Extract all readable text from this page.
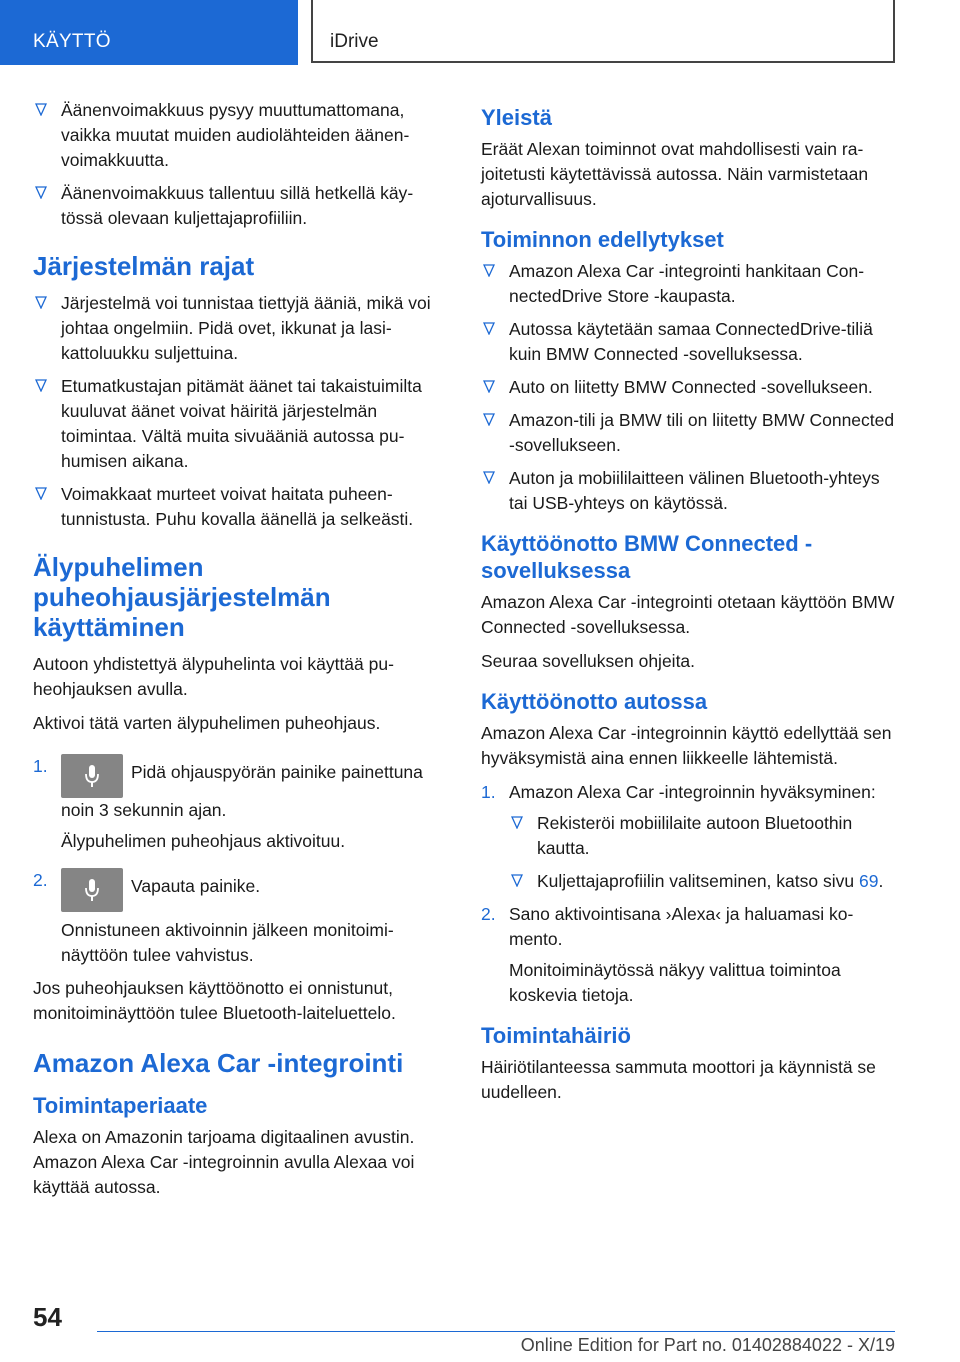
KÄYTTÖ	iDrive
Äänenvoimakkuus pysyy muuttumattomana, vaikka muutat muiden audiolähteiden äänenvoimakkuutta.
Äänenvoimakkuus tallentuu sillä hetkellä käytössä olevaan kuljettajaprofiiliin.
Järjestelmän rajat
Järjestelmä voi tunnistaa tiettyjä ääniä, mikä voi johtaa ongelmiin. Pidä ovet, ikkunat ja lasikattoluukku suljettuina.
Etumatkustajan pitämät äänet tai takaistuimilta kuuluvat äänet voivat häiritä järjestelmän toimintaa. Vältä muita sivuääniä autossa puhumisen aikana.
Voimakkaat murteet voivat haitata puheentunnistusta. Puhu kovalla äänellä ja selkeästi.
Älypuhelimen puheohjausjärjestelmän käyttäminen

Autoon yhdistettyä älypuhelinta voi käyttää puheohjauksen avulla.

Aktivoi tätä varten älypuhelimen puheohjaus.

1.	Pidä ohjauspyörän painike painettuna noin 3 sekunnin ajan.

Älypuhelimen puheohjaus aktivoituu.

2.	Vapauta painike.

Onnistuneen aktivoinnin jälkeen monitoiminäyttöön tulee vahvistus.

Jos puheohjauksen käyttöönotto ei onnistunut, monitoiminäyttöön tulee Bluetooth-laiteluettelo.

Amazon Alexa Car -integrointi
Toimintaperiaate

Alexa on Amazonin tarjoama digitaalinen avustin. Amazon Alexa Car -integroinnin avulla Alexaa voi käyttää autossa.

Yleistä

Eräät Alexan toiminnot ovat mahdollisesti vain rajoitetusti käytettävissä autossa. Näin varmistetaan ajoturvallisuus.

Toiminnon edellytykset
Amazon Alexa Car -integrointi hankitaan ConnectedDrive Store -kaupasta.
Autossa käytetään samaa ConnectedDrive-tiliä kuin BMW Connected -sovelluksessa.
Auto on liitetty BMW Connected -sovellukseen.
Amazon-tili ja BMW tili on liitetty BMW Connected -sovellukseen.
Auton ja mobiililaitteen välinen Bluetooth-yhteys tai USB-yhteys on käytössä.
Käyttöönotto BMW Connected -sovelluksessa

Amazon Alexa Car -integrointi otetaan käyttöön BMW Connected -sovelluksessa.

Seuraa sovelluksen ohjeita.

Käyttöönotto autossa

Amazon Alexa Car -integroinnin käyttö edellyttää sen hyväksymistä aina ennen liikkeelle lähtemistä.

1. Amazon Alexa Car -integroinnin hyväksyminen:
Rekisteröi mobiililaite autoon Bluetoothin kautta.
Kuljettajaprofiilin valitseminen, katso sivu 69.
2. Sano aktivointisana ›Alexa‹ ja haluamasi komento.

Monitoiminäytössä näkyy valittua toimintoa koskevia tietoja.

Toimintahäiriö

Häiriötilanteessa sammuta moottori ja käynnistä se uudelleen.

54
Online Edition for Part no. 01402884022 - X/19
